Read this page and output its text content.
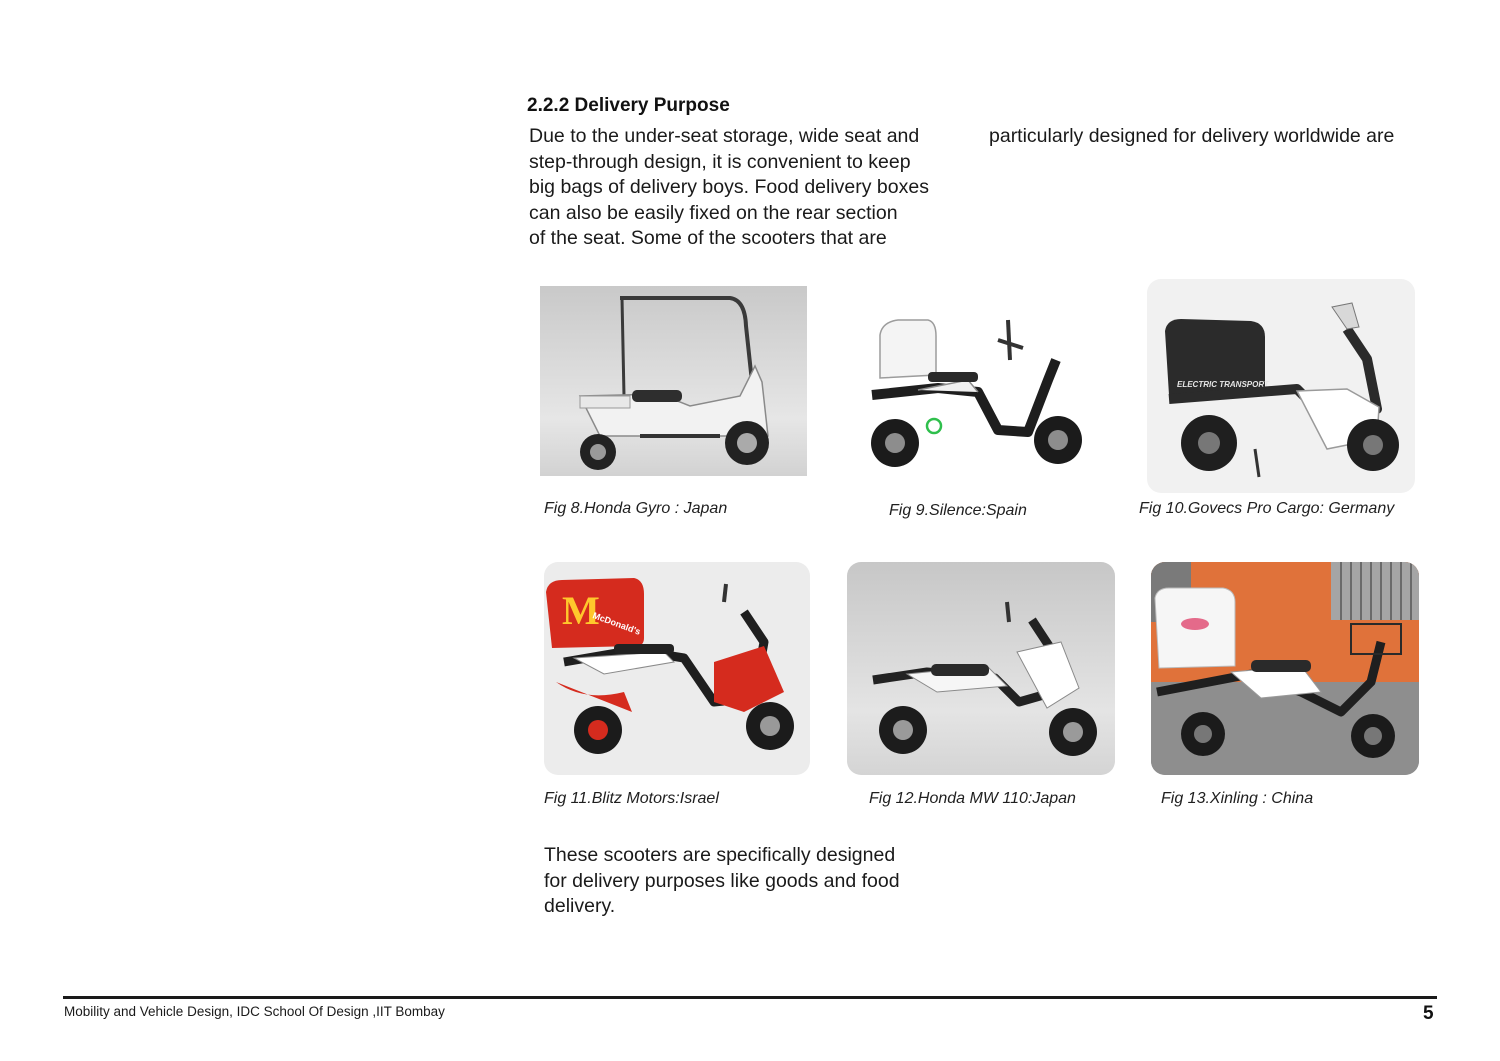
2.2.2 Delivery Purpose
Due to the under-seat storage, wide seat and
step-through design, it is convenient to keep
big bags of delivery boys. Food delivery boxes
can also be easily fixed on the rear section
of the seat. Some of the scooters that are
particularly designed for delivery worldwide are
Fig 8.Honda Gyro : Japan	Fig 9.Silence:Spain
ELECTRIC TRANSPORT
Fig 10.Govecs Pro Cargo: Germany
M
McDonald's
Fig 11.Blitz Motors:Israel	Fig 12.Honda MW 110:Japan	Fig 13.Xinling : China
These scooters are specifically designed
for delivery purposes like goods and food
delivery.
Mobility and Vehicle Design, IDC School Of Design ,IIT Bombay	5
